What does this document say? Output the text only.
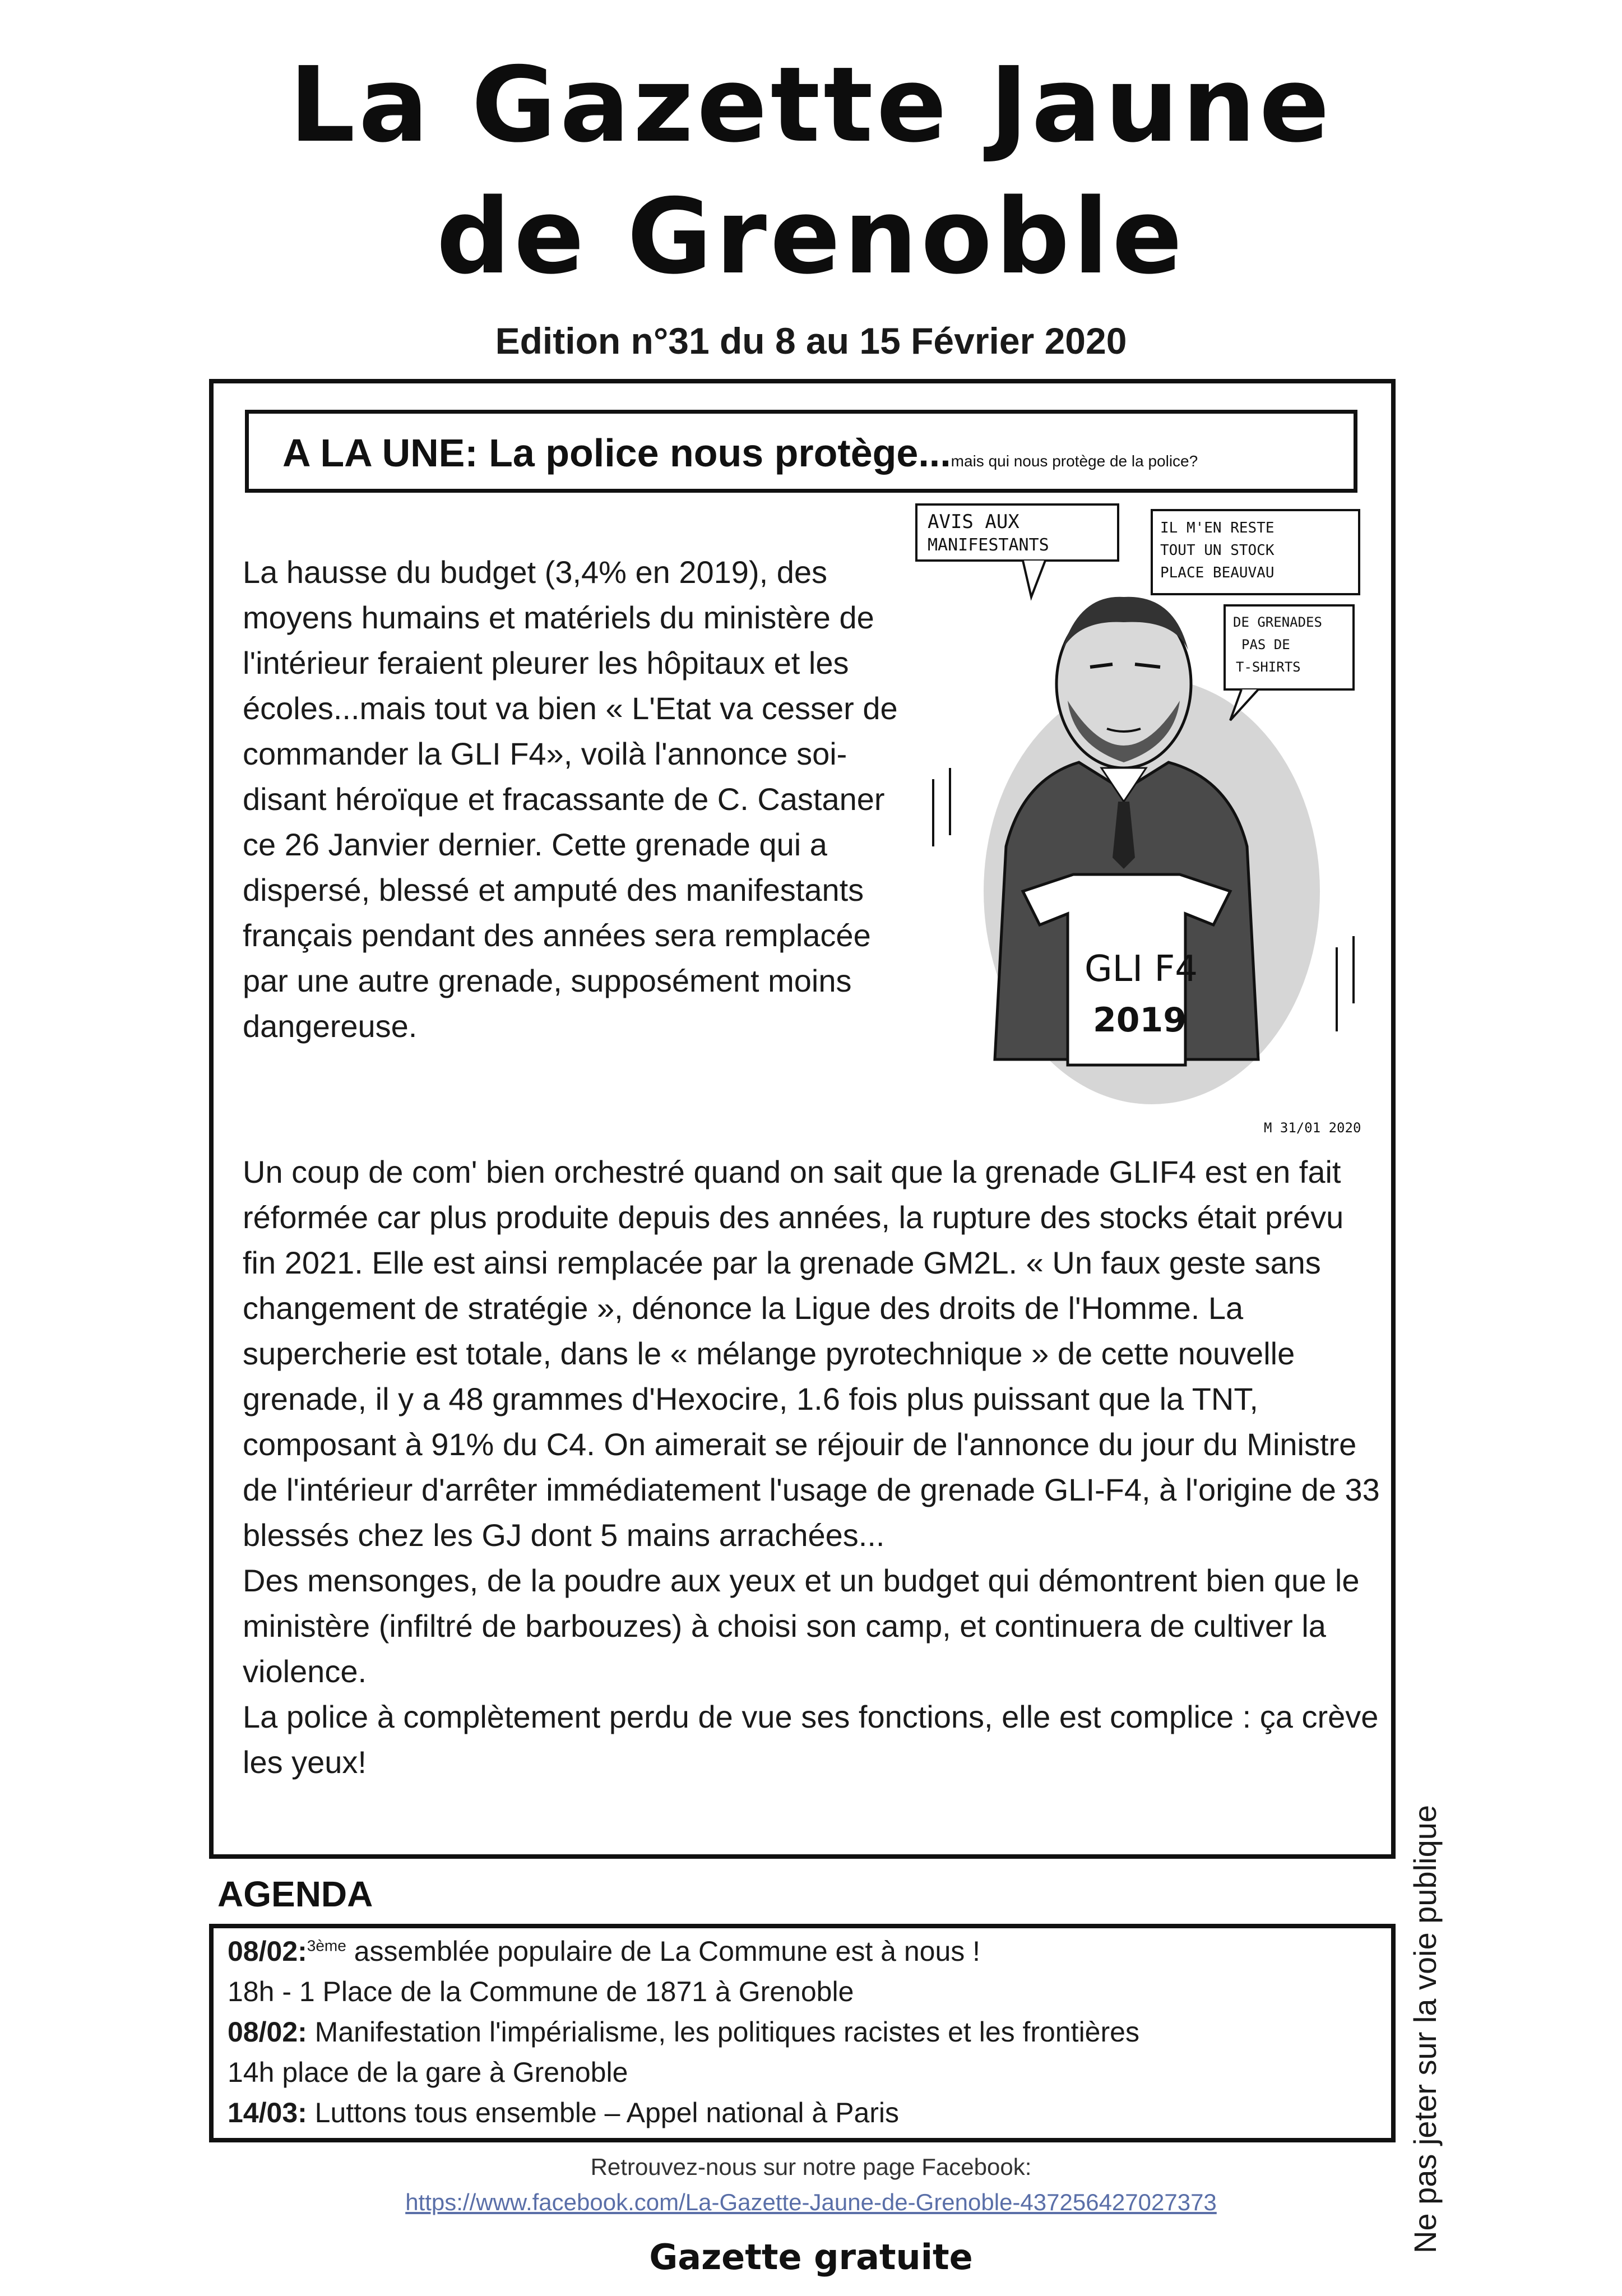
La Gazette Jaune
de Grenoble
Edition n°31 du 8 au 15 Février 2020
A LA UNE: La police nous protège...mais qui nous protège de la police?
AVIS AUX
MANIFESTANTS
IL M'EN RESTE
TOUT UN STOCK
PLACE BEAUVAU
DE GRENADES
PAS DE
T-SHIRTS
GLI F4
2019
M 31/01 2020

La hausse du budget (3,4% en 2019), des moyens humains et matériels du ministère de l'intérieur feraient pleurer les hôpitaux et les écoles...mais tout va bien « L'Etat va cesser de commander la GLI F4», voilà l'annonce soi-disant héroïque et fracassante de C. Castaner ce 26 Janvier dernier. Cette grenade qui a dispersé, blessé et amputé des manifestants français pendant des années sera remplacée par une autre grenade, supposément moins dangereuse.

Un coup de com' bien orchestré quand on sait que la grenade GLIF4 est en fait réformée car plus produite depuis des années, la rupture des stocks était prévu fin 2021. Elle est ainsi remplacée par la grenade GM2L. « Un faux geste sans changement de stratégie », dénonce la Ligue des droits de l'Homme. La supercherie est totale, dans le « mélange pyrotechnique » de cette nouvelle grenade, il y a 48 grammes d'Hexocire, 1.6 fois plus puissant que la TNT, composant à 91% du C4. On aimerait se réjouir de l'annonce du jour du Ministre de l'intérieur d'arrêter immédiatement l'usage de grenade GLI-F4, à l'origine de 33 blessés chez les GJ dont 5 mains arrachées...

Des mensonges, de la poudre aux yeux et un budget qui démontrent bien que le ministère (infiltré de barbouzes) à choisi son camp, et continuera de cultiver la violence.

La police à complètement perdu de vue ses fonctions, elle est complice : ça crève les yeux!

AGENDA
08/02:$^{3ème}$ assemblée populaire de La Commune est à nous !
18h - 1 Place de la Commune de 1871 à Grenoble
08/02: Manifestation l'impérialisme, les politiques racistes et les frontières
14h place de la gare à Grenoble
14/03: Luttons tous ensemble – Appel national à Paris
Retrouvez-nous sur notre page Facebook:
https://www.facebook.com/La-Gazette-Jaune-de-Grenoble-437256427027373
Gazette gratuite
Ne pas jeter sur la voie publique
